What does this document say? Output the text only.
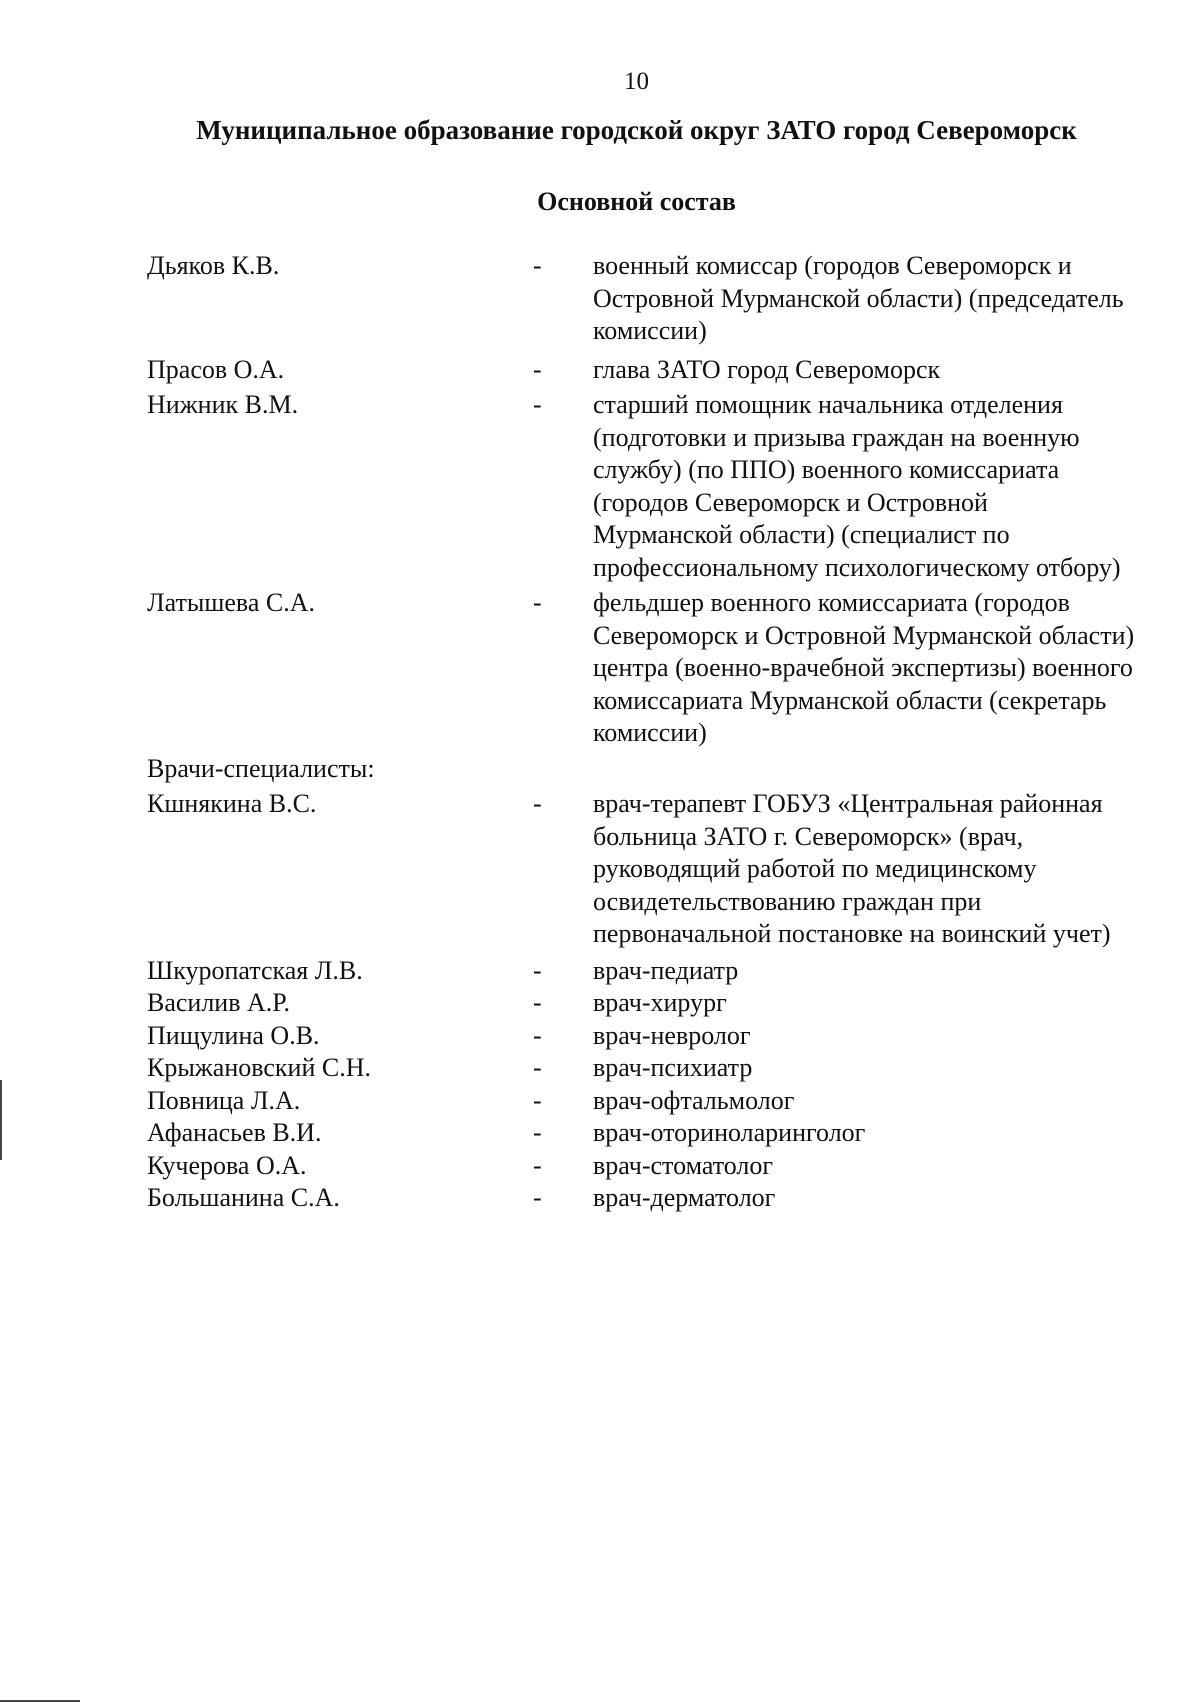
10
Муниципальное образование городской округ ЗАТО город Североморск
Основной состав
Дьяков К.В.	- военный комиссар (городов Североморск и Островной Мурманской области) (председатель комиссии)
Прасов О.А.	- глава ЗАТО город Североморск
Нижник В.М.	- старший помощник начальника отделения (подготовки и призыва граждан на военную службу) (по ППО) военного комиссариата (городов Североморск и Островной Мурманской области) (специалист по профессиональному психологическому отбору)
Латышева С.А.	- фельдшер военного комиссариата (городов Североморск и Островной Мурманской области) центра (военно-врачебной экспертизы) военного комиссариата Мурманской области (секретарь комиссии)
Врачи-специалисты:
Кшнякина В.С.	- врач-терапевт ГОБУЗ «Центральная районная больница ЗАТО г. Североморск» (врач, руководящий работой по медицинскому освидетельствованию граждан при первоначальной постановке на воинский учет)
Шкуропатская Л.В.	- врач-педиатр
Василив А.Р.	- врач-хирург
Пищулина О.В.	- врач-невролог
Крыжановский С.Н.	- врач-психиатр
Повница Л.А.	- врач-офтальмолог
Афанасьев В.И.	- врач-оториноларинголог
Кучерова О.А.	- врач-стоматолог
Большанина С.А.	- врач-дерматолог
